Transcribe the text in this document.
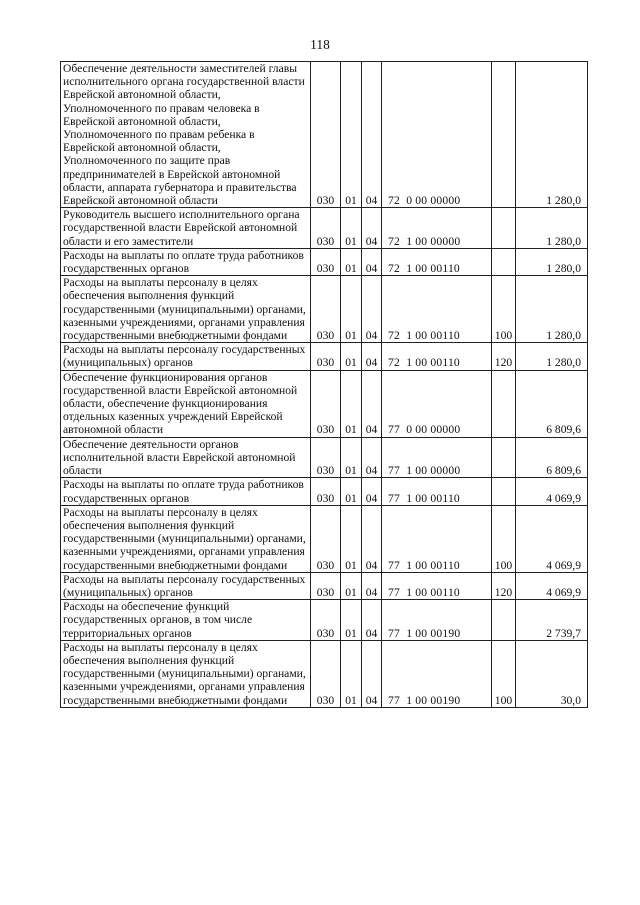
118
Обеспечение деятельности заместителей главы исполнительного органа государственной власти Еврейской автономной области, Уполномоченного по правам человека в Еврейской автономной области, Уполномоченного по правам ребенка в Еврейской автономной области, Уполномоченного по защите прав предпринимателей в Еврейской автономной области, аппарата губернатора и правительства Еврейской автономной области	030	01	04	72  0 00 00000		1 280,0
Руководитель высшего исполнительного органа государственной власти Еврейской автономной области и его заместители	030	01	04	72  1 00 00000		1 280,0
Расходы на выплаты по оплате труда работников государственных органов	030	01	04	72  1 00 00110		1 280,0
Расходы на выплаты персоналу в целях обеспечения выполнения функций государственными (муниципальными) органами, казенными учреждениями, органами управления государственными внебюджетными фондами	030	01	04	72  1 00 00110	100	1 280,0
Расходы на выплаты персоналу государственных (муниципальных) органов	030	01	04	72  1 00 00110	120	1 280,0
Обеспечение функционирования органов государственной власти Еврейской автономной области, обеспечение функционирования отдельных казенных учреждений Еврейской автономной области	030	01	04	77  0 00 00000		6 809,6
Обеспечение деятельности органов исполнительной власти Еврейской автономной области	030	01	04	77  1 00 00000		6 809,6
Расходы на выплаты по оплате труда работников государственных органов	030	01	04	77  1 00 00110		4 069,9
Расходы на выплаты персоналу в целях обеспечения выполнения функций государственными (муниципальными) органами, казенными учреждениями, органами управления государственными внебюджетными фондами	030	01	04	77  1 00 00110	100	4 069,9
Расходы на выплаты персоналу государственных (муниципальных) органов	030	01	04	77  1 00 00110	120	4 069,9
Расходы на обеспечение функций государственных органов, в том числе территориальных органов	030	01	04	77  1 00 00190		2 739,7
Расходы на выплаты персоналу в целях обеспечения выполнения функций государственными (муниципальными) органами, казенными учреждениями, органами управления государственными внебюджетными фондами	030	01	04	77  1 00 00190	100	30,0
